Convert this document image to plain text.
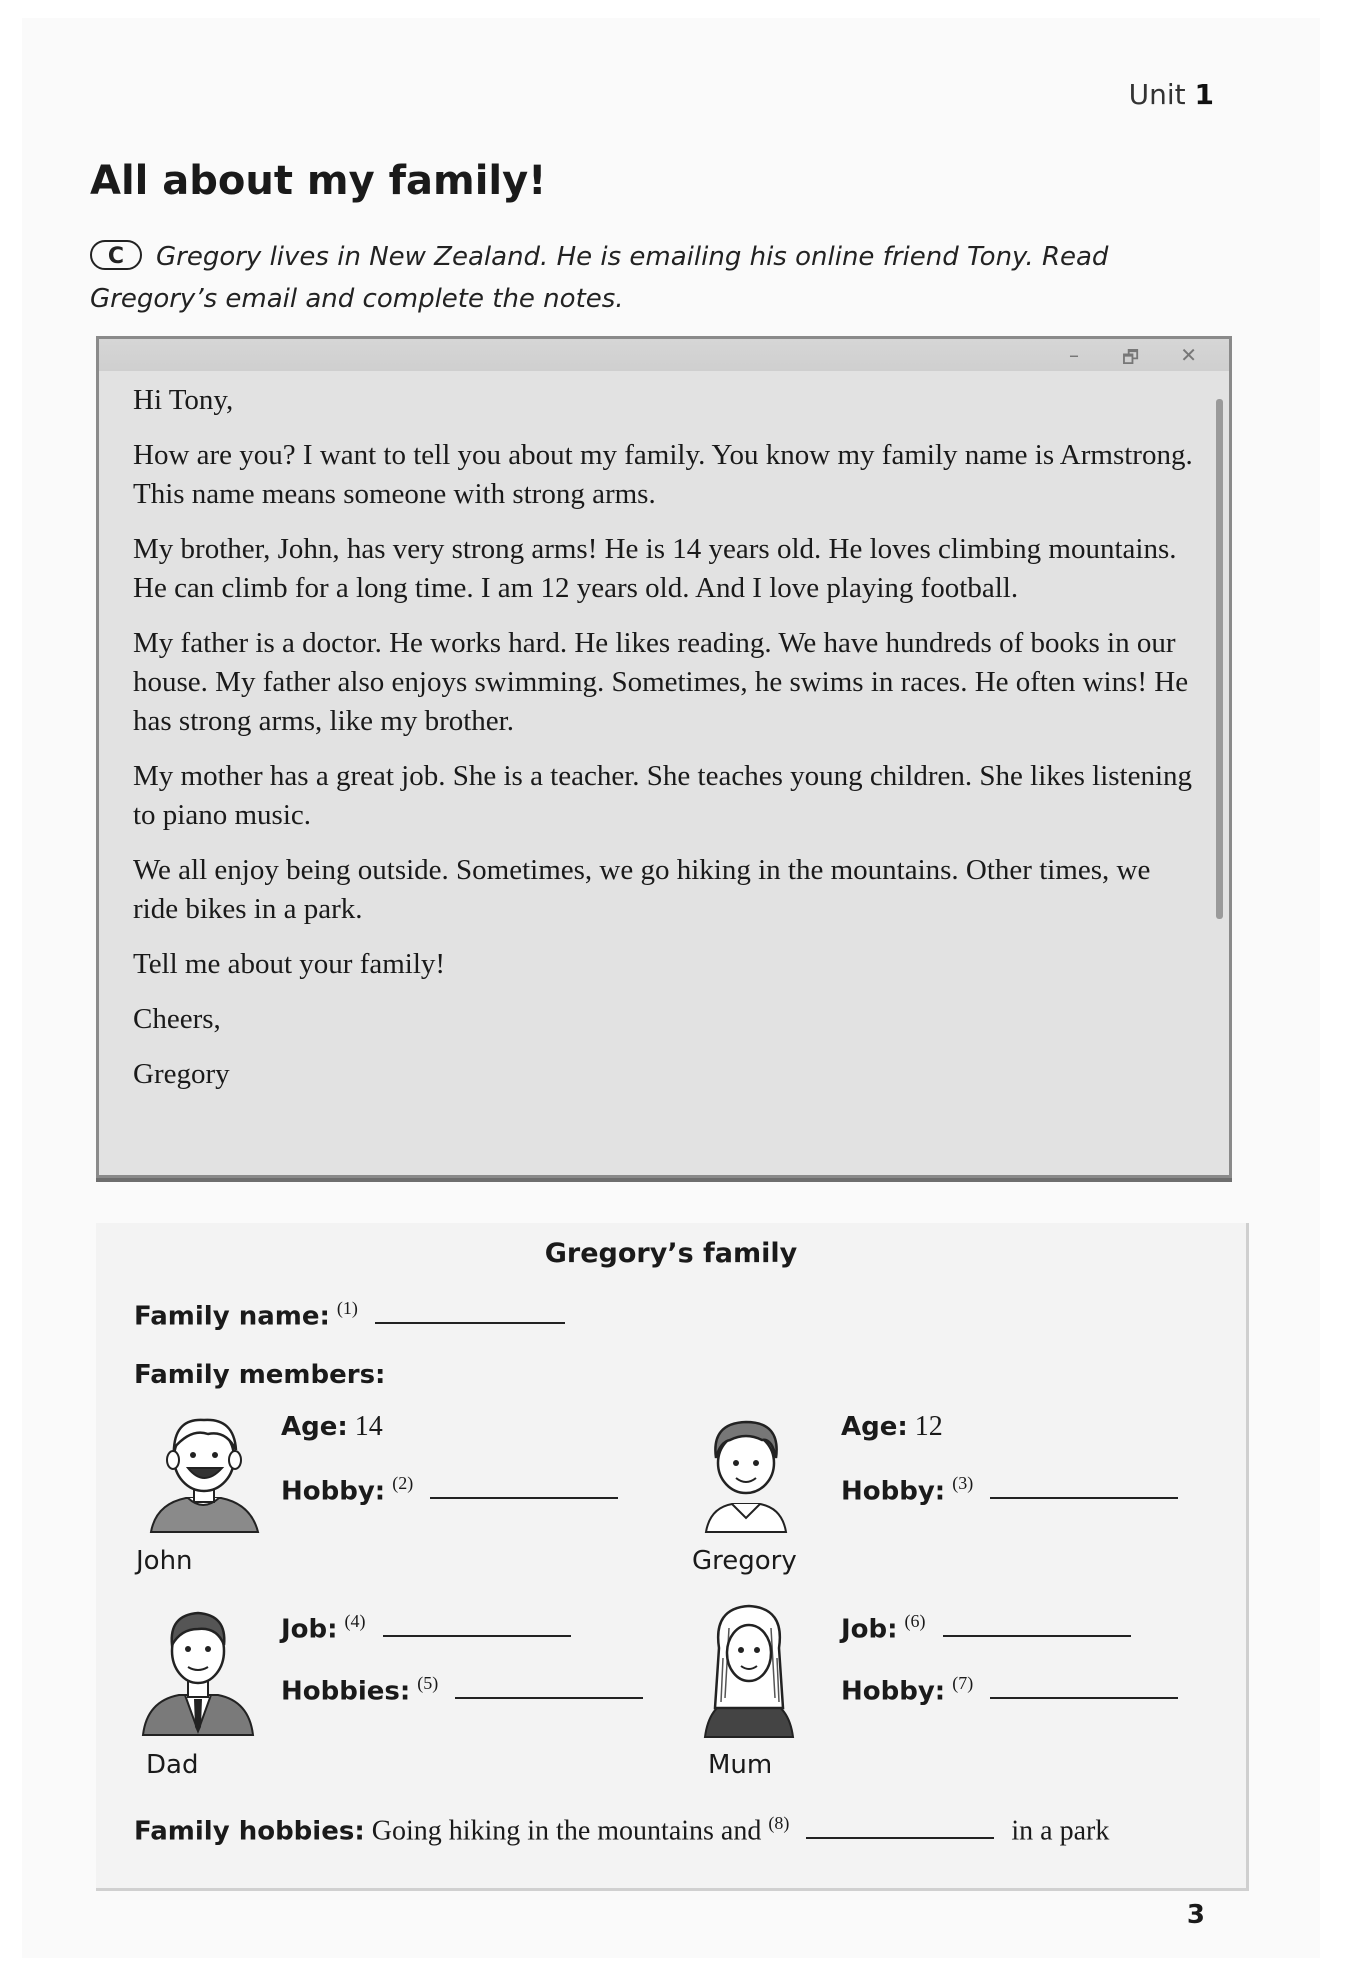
Unit 1
All about my family!
C Gregory lives in New Zealand. He is emailing his online friend Tony. Read Gregory’s email and complete the notes.
– 🗗 ✕

Hi Tony,

How are you? I want to tell you about my family. You know my family name is Armstrong. This name means someone with strong arms.

My brother, John, has very strong arms! He is 14 years old. He loves climbing mountains. He can climb for a long time. I am 12 years old. And I love playing football.

My father is a doctor. He works hard. He likes reading. We have hundreds of books in our house. My father also enjoys swimming. Sometimes, he swims in races. He often wins! He has strong arms, like my brother.

My mother has a great job. She is a teacher. She teaches young children. She likes listening to piano music.

We all enjoy being outside. Sometimes, we go hiking in the mountains. Other times, we ride bikes in a park.

Tell me about your family!

Cheers,

Gregory

Gregory’s family
Family name: $^{(1)}$
Family members:
John
Age: 14
Hobby: $^{(2)}$
Gregory
Age: 12
Hobby: $^{(3)}$
Dad
Job: $^{(4)}$
Hobbies: $^{(5)}$
Mum
Job: $^{(6)}$
Hobby: $^{(7)}$
Family hobbies: Going hiking in the mountains and $^{(8)}$	in a park
3
